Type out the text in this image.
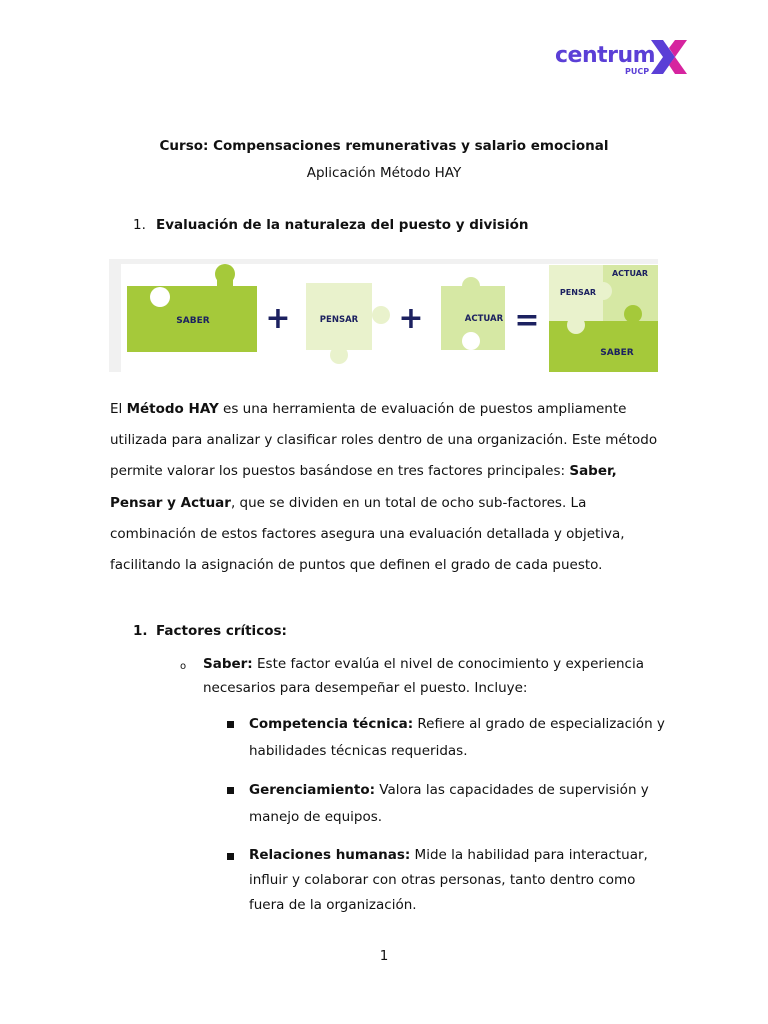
centrum
PUCP
Curso: Compensaciones remunerativas y salario emocional
Aplicación Método HAY
1. Evaluación de la naturaleza del puesto y división
SABER +	PENSAR +	ACTUAR =
ACTUAR
PENSAR
SABER
El Método HAY es una herramienta de evaluación de puestos ampliamente utilizada para analizar y clasificar roles dentro de una organización. Este método permite valorar los puestos basándose en tres factores principales: Saber, Pensar y Actuar, que se dividen en un total de ocho sub-factores. La combinación de estos factores asegura una evaluación detallada y objetiva, facilitando la asignación de puntos que definen el grado de cada puesto.
1. Factores críticos:
o Saber: Este factor evalúa el nivel de conocimiento y experiencia necesarios para desempeñar el puesto. Incluye:
Competencia técnica: Refiere al grado de especialización y habilidades técnicas requeridas.
Gerenciamiento: Valora las capacidades de supervisión y manejo de equipos.
Relaciones humanas: Mide la habilidad para interactuar, influir y colaborar con otras personas, tanto dentro como fuera de la organización.
1
